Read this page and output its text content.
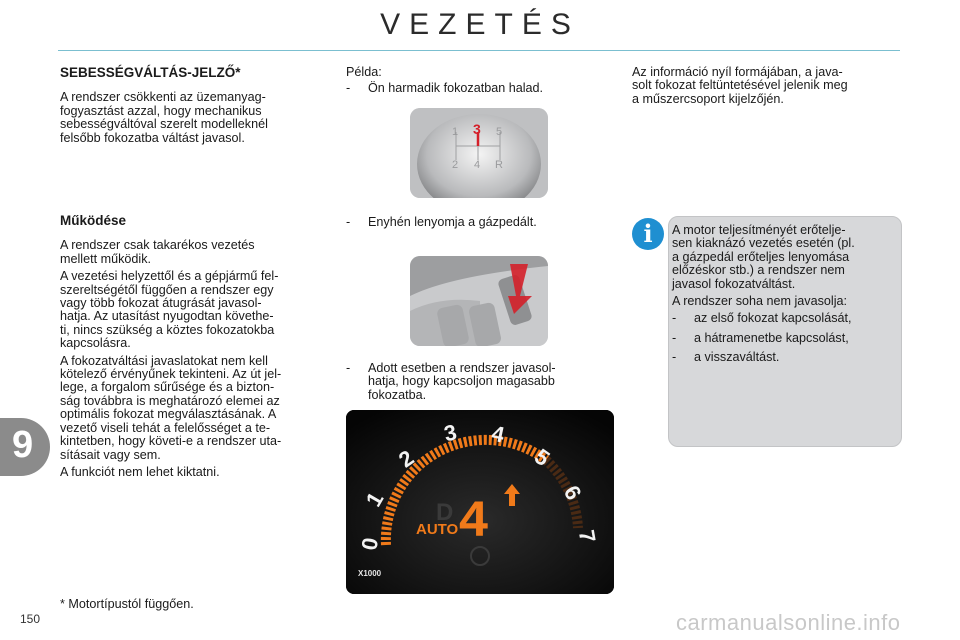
VEZETÉS
9
150	carmanualsonline.info
SEBESSÉGVÁLTÁS-JELZŐ*

A rendszer csökkenti az üzemanyag-
fogyasztást azzal, hogy mechanikus
sebességváltóval szerelt modelleknél
felsőbb fokozatba váltást javasol.

Működése

A rendszer csak takarékos vezetés
mellett működik.

A vezetési helyzettől és a gépjármű fel-
szereltségétől függően a rendszer egy
vagy több fokozat átugrását javasol-
hatja. Az utasítást nyugodtan követhe-
ti, nincs szükség a köztes fokozatokba
kapcsolásra.

A fokozatváltási javaslatokat nem kell
kötelező érvényűnek tekinteni. Az út jel-
lege, a forgalom sűrűsége és a bizton-
ság továbbra is meghatározó elemei az
optimális fokozat megválasztásának. A
vezető viseli tehát a felelősséget a te-
kintetben, hogy követi-e a rendszer uta-
sításait vagy sem.

A funkciót nem lehet kiktatni.

* Motortípustól függően.
Példa:
-	Ön harmadik fokozatban halad.
1 3 5
2 4 R
-	Enyhén lenyomja a gázpedált.
-	Adott esetben a rendszer javasol-
hatja, hogy kapcsoljon magasabb
fokozatba.
0
1
2
3 4
5
6
7
D 4
AUTO
X1000

Az információ nyíl formájában, a java-
solt fokozat feltüntetésével jelenik meg
a műszercsoport kijelzőjén.

i	A motor teljesítményét erőtelje-
sen kiaknázó vezetés esetén (pl.
a gázpedál erőteljes lenyomása
előzéskor stb.) a rendszer nem
javasol fokozatváltást.

A rendszer soha nem javasolja:

-	az első fokozat kapcsolását,
-	a hátramenetbe kapcsolást,
-	a visszaváltást.
